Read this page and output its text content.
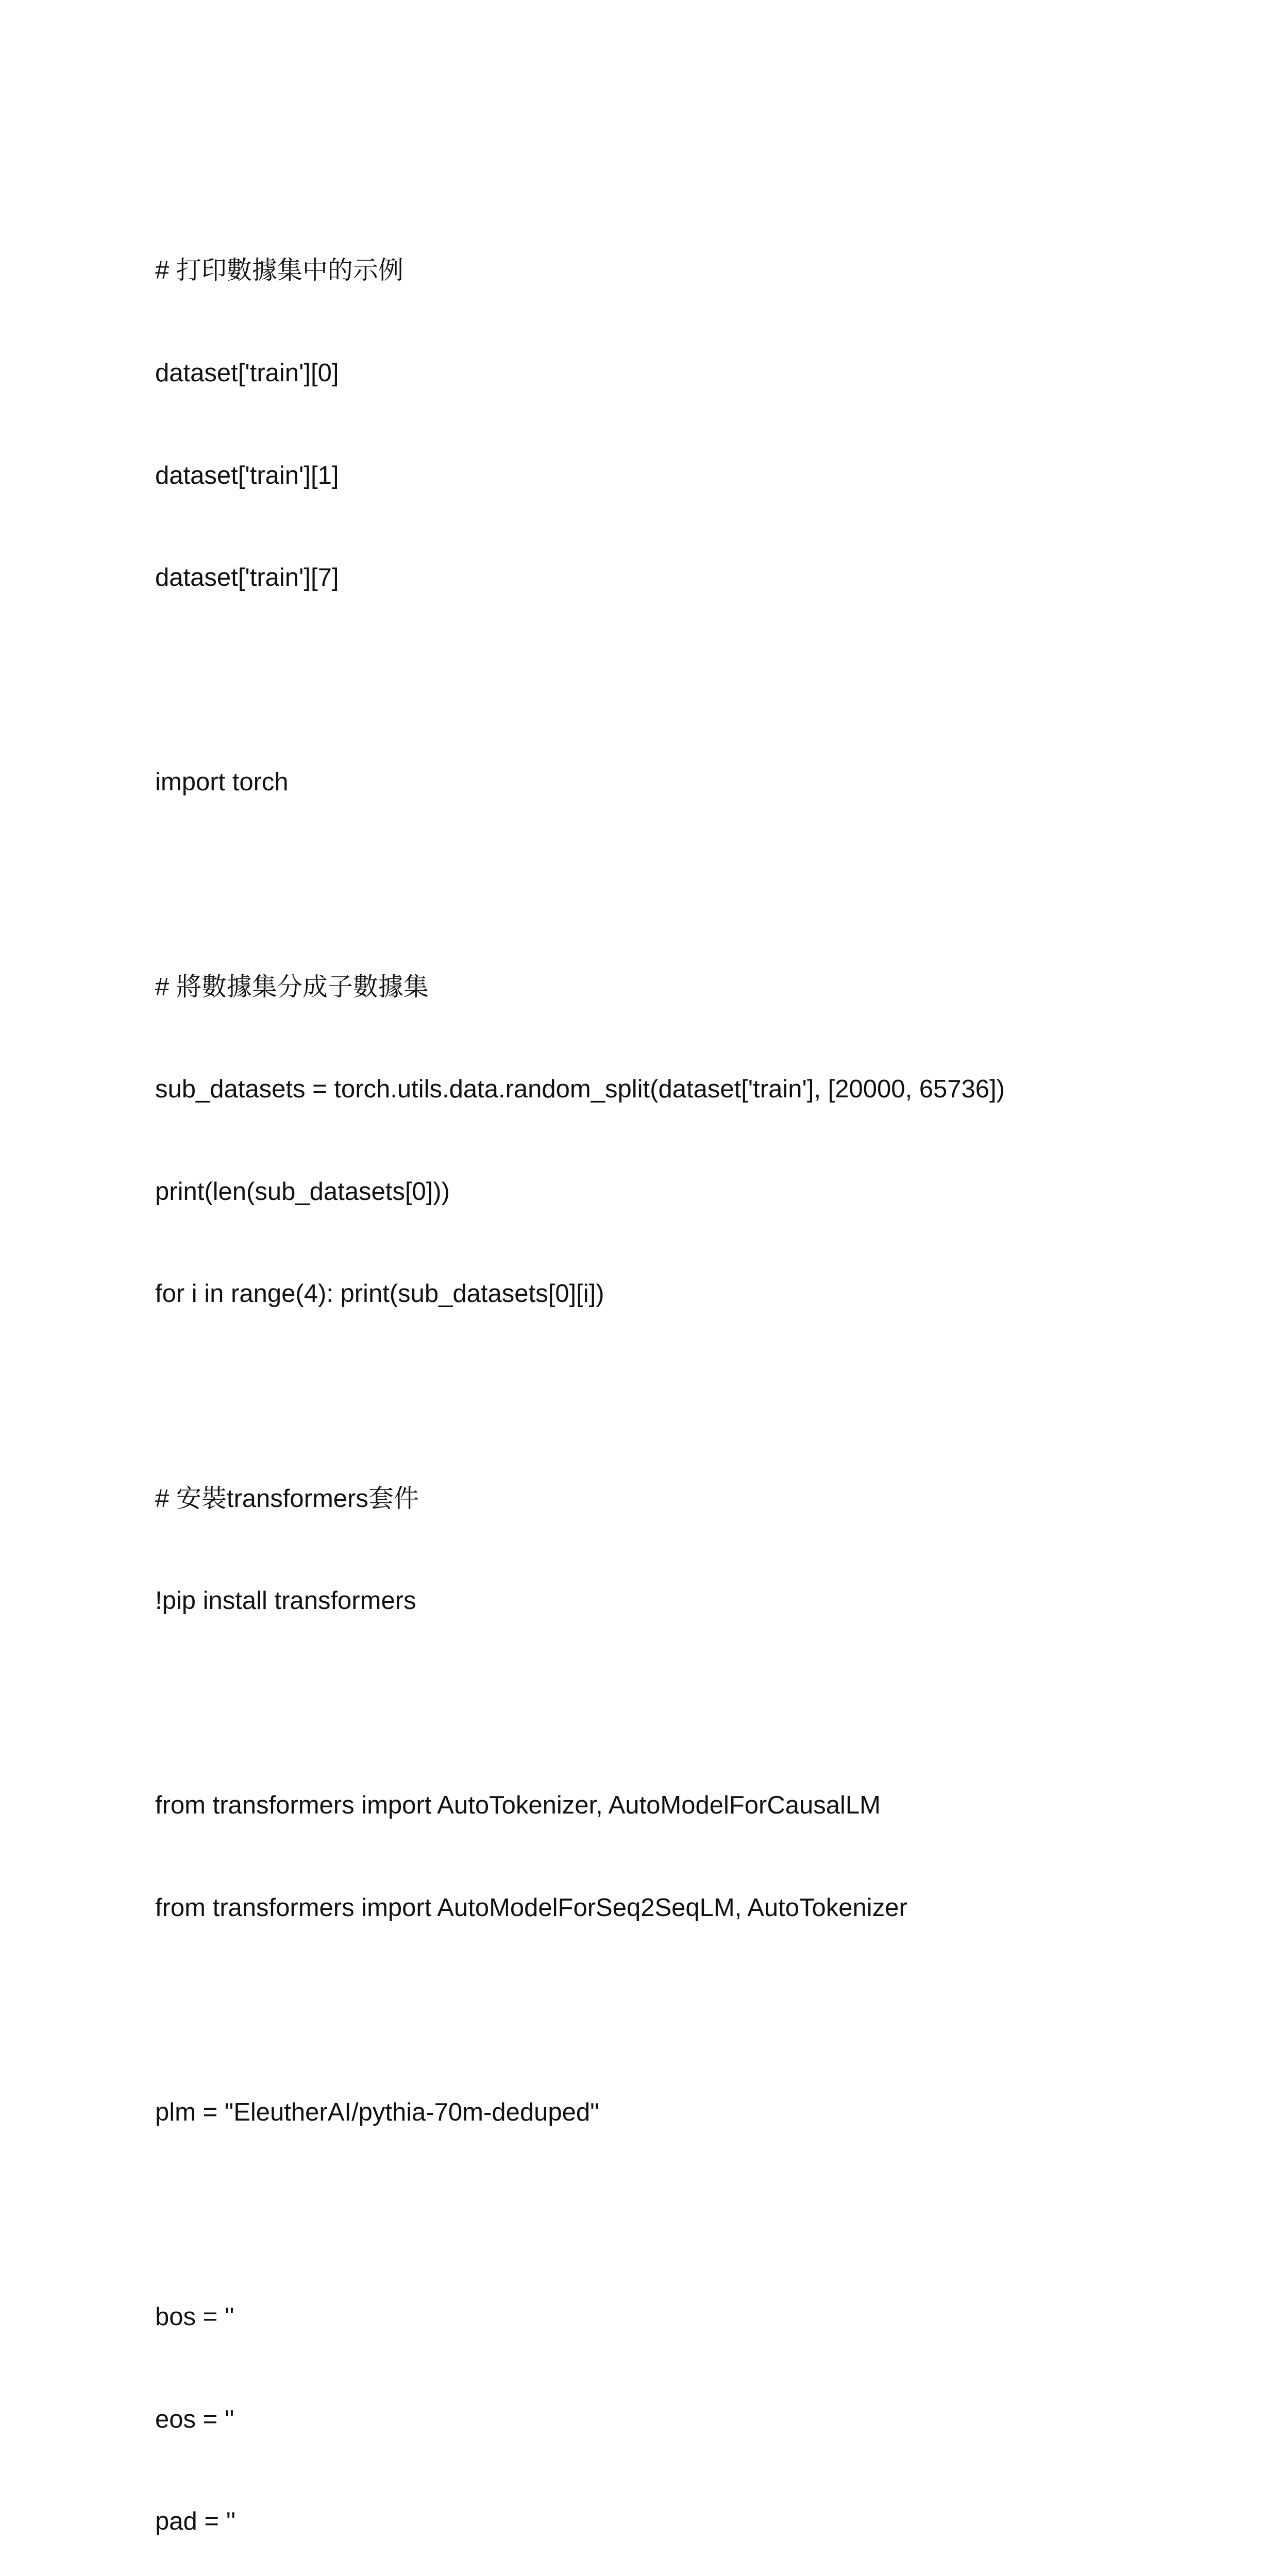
# 打印數據集中的示例

dataset['train'][0]

dataset['train'][1]

dataset['train'][7]

import torch

# 將數據集分成子數據集

sub_datasets = torch.utils.data.random_split(dataset['train'], [20000, 65736])

print(len(sub_datasets[0]))

for i in range(4): print(sub_datasets[0][i])

# 安裝transformers套件

!pip install transformers

from transformers import AutoTokenizer, AutoModelForCausalLM

from transformers import AutoModelForSeq2SeqLM, AutoTokenizer

plm = "EleutherAI/pythia-70m-deduped"

bos = ''

eos = ''

pad = ''
